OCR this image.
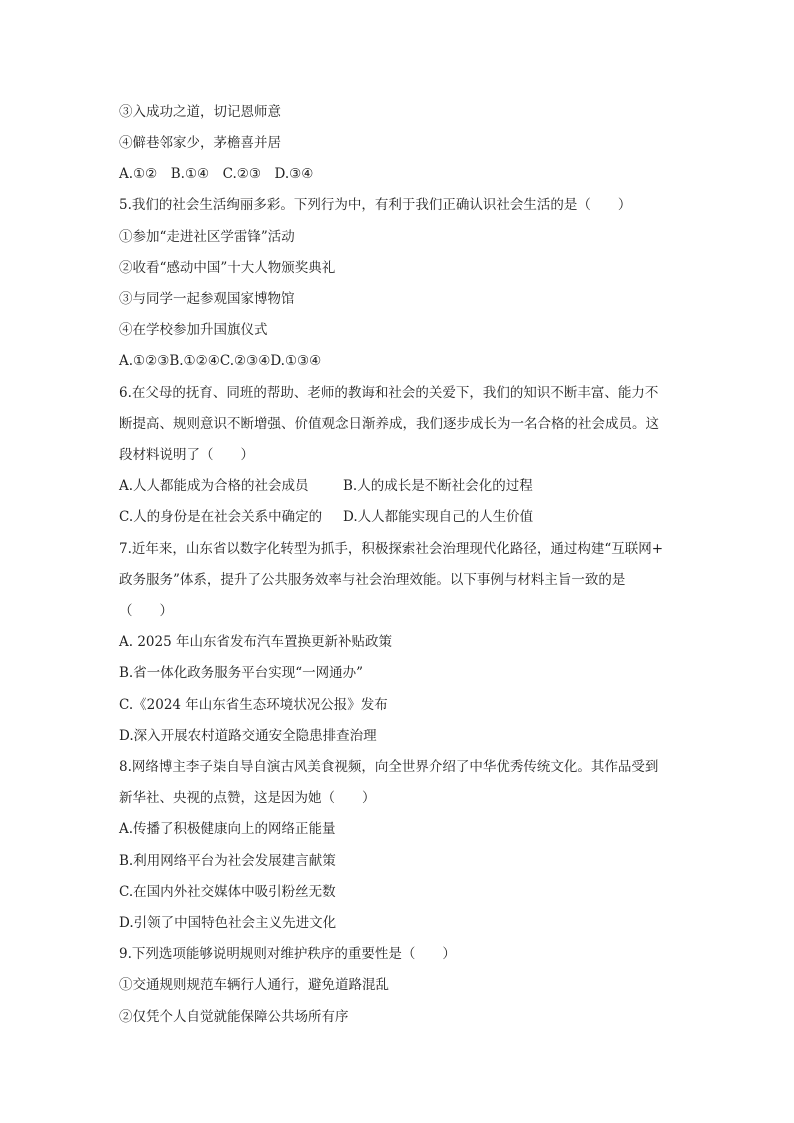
③入成功之道，切记恩师意
④僻巷邻家少，茅檐喜并居
A.①②　B.①④　C.②③　D.③④
5.我们的社会生活绚丽多彩。下列行为中，有利于我们正确认识社会生活的是（　　）
①参加“走进社区学雷锋”活动
②收看“感动中国”十大人物颁奖典礼
③与同学一起参观国家博物馆
④在学校参加升国旗仪式
A.①②③B.①②④C.②③④D.①③④
6.在父母的抚育、同班的帮助、老师的教诲和社会的关爱下，我们的知识不断丰富、能力不
断提高、规则意识不断增强、价值观念日渐养成，我们逐步成长为一名合格的社会成员。这
段材料说明了（　　）
A.人人都能成为合格的社会成员	B.人的成长是不断社会化的过程
C.人的身份是在社会关系中确定的 D.人人都能实现自己的人生价值
7.近年来，山东省以数字化转型为抓手，积极探索社会治理现代化路径，通过构建“互联网+
政务服务”体系，提升了公共服务效率与社会治理效能。以下事例与材料主旨一致的是
（　　）
A. 2025 年山东省发布汽车置换更新补贴政策
B.省一体化政务服务平台实现“一网通办”
C.《2024 年山东省生态环境状况公报》发布
D.深入开展农村道路交通安全隐患排查治理
8.网络博主李子柒自导自演古风美食视频，向全世界介绍了中华优秀传统文化。其作品受到
新华社、央视的点赞，这是因为她（　　）
A.传播了积极健康向上的网络正能量
B.利用网络平台为社会发展建言献策
C.在国内外社交媒体中吸引粉丝无数
D.引领了中国特色社会主义先进文化
9.下列选项能够说明规则对维护秩序的重要性是（　　）
①交通规则规范车辆行人通行，避免道路混乱
②仅凭个人自觉就能保障公共场所有序
